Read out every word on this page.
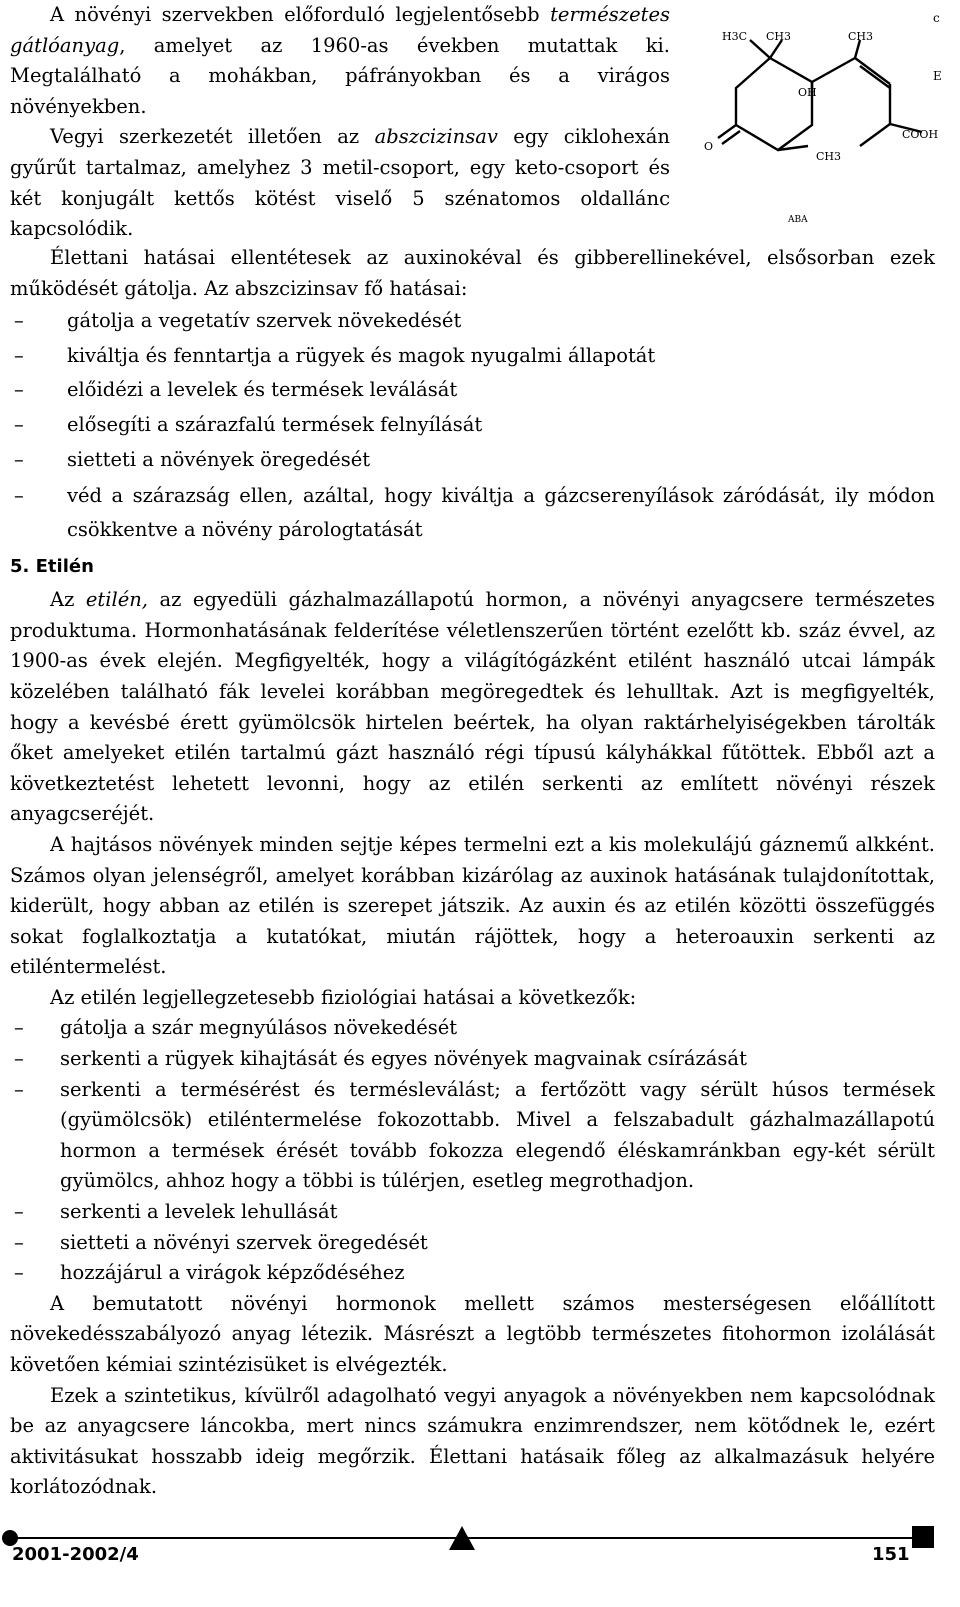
A növényi szervekben előforduló legjelentősebb természetes gátlóanyag, amelyet az 1960-as években mutattak ki. Megtalálható a mohákban, páfrányokban és a virágos növényekben.

Vegyi szerkezetét illetően az abszcizinsav egy ciklohexán gyűrűt tartalmaz, amelyhez 3 metil-csoport, egy keto-csoport és két konjugált kettős kötést viselő 5 szénatomos oldallánc kapcsolódik.

H3C CH3	CH3
OH
O
COOH
CH3
ABA
c
E

Élettani hatásai ellentétesek az auxinokéval és gibberellinekével, elsősorban ezek működését gátolja. Az abszcizinsav fő hatásai:

– gátolja a vegetatív szervek növekedését
– kiváltja és fenntartja a rügyek és magok nyugalmi állapotát
– előidézi a levelek és termések leválását
– elősegíti a szárazfalú termések felnyílását
– sietteti a növények öregedését
– véd a szárazság ellen, azáltal, hogy kiváltja a gázcserenyílások záródását, ily módon csökkentve a növény párologtatását
5. Etilén

Az etilén, az egyedüli gázhalmazállapotú hormon, a növényi anyagcsere természetes produktuma. Hormonhatásának felderítése véletlenszerűen történt ezelőtt kb. száz évvel, az 1900-as évek elején. Megfigyelték, hogy a világítógázként etilént használó utcai lámpák közelében található fák levelei korábban megöregedtek és lehulltak. Azt is megfigyelték, hogy a kevésbé érett gyümölcsök hirtelen beértek, ha olyan raktárhelyiségekben tárolták őket amelyeket etilén tartalmú gázt használó régi típusú kályhákkal fűtöttek. Ebből azt a következtetést lehetett levonni, hogy az etilén serkenti az említett növényi részek anyagcseréjét.

A hajtásos növények minden sejtje képes termelni ezt a kis molekulájú gáznemű alkként. Számos olyan jelenségről, amelyet korábban kizárólag az auxinok hatásának tulajdonítottak, kiderült, hogy abban az etilén is szerepet játszik. Az auxin és az etilén közötti összefüggés sokat foglalkoztatja a kutatókat, miután rájöttek, hogy a heteroauxin serkenti az etiléntermelést.

Az etilén legjellegzetesebb fiziológiai hatásai a következők:

– gátolja a szár megnyúlásos növekedését
– serkenti a rügyek kihajtását és egyes növények magvainak csírázását
– serkenti a termésérést és termésleválást; a fertőzött vagy sérült húsos termések (gyümölcsök) etiléntermelése fokozottabb. Mivel a felszabadult gázhalmazállapotú hormon a termések érését tovább fokozza elegendő éléskamránkban egy-két sérült gyümölcs, ahhoz hogy a többi is túlérjen, esetleg megrothadjon.
– serkenti a levelek lehullását
– sietteti a növényi szervek öregedését
– hozzájárul a virágok képződéséhez

A bemutatott növényi hormonok mellett számos mesterségesen előállított növekedésszabályozó anyag létezik. Másrészt a legtöbb természetes fitohormon izolálását követően kémiai szintézisüket is elvégezték.

Ezek a szintetikus, kívülről adagolható vegyi anyagok a növényekben nem kapcsolódnak be az anyagcsere láncokba, mert nincs számukra enzimrendszer, nem kötődnek le, ezért aktivitásukat hosszabb ideig megőrzik. Élettani hatásaik főleg az alkalmazásuk helyére korlátozódnak.

2001-2002/4	151
